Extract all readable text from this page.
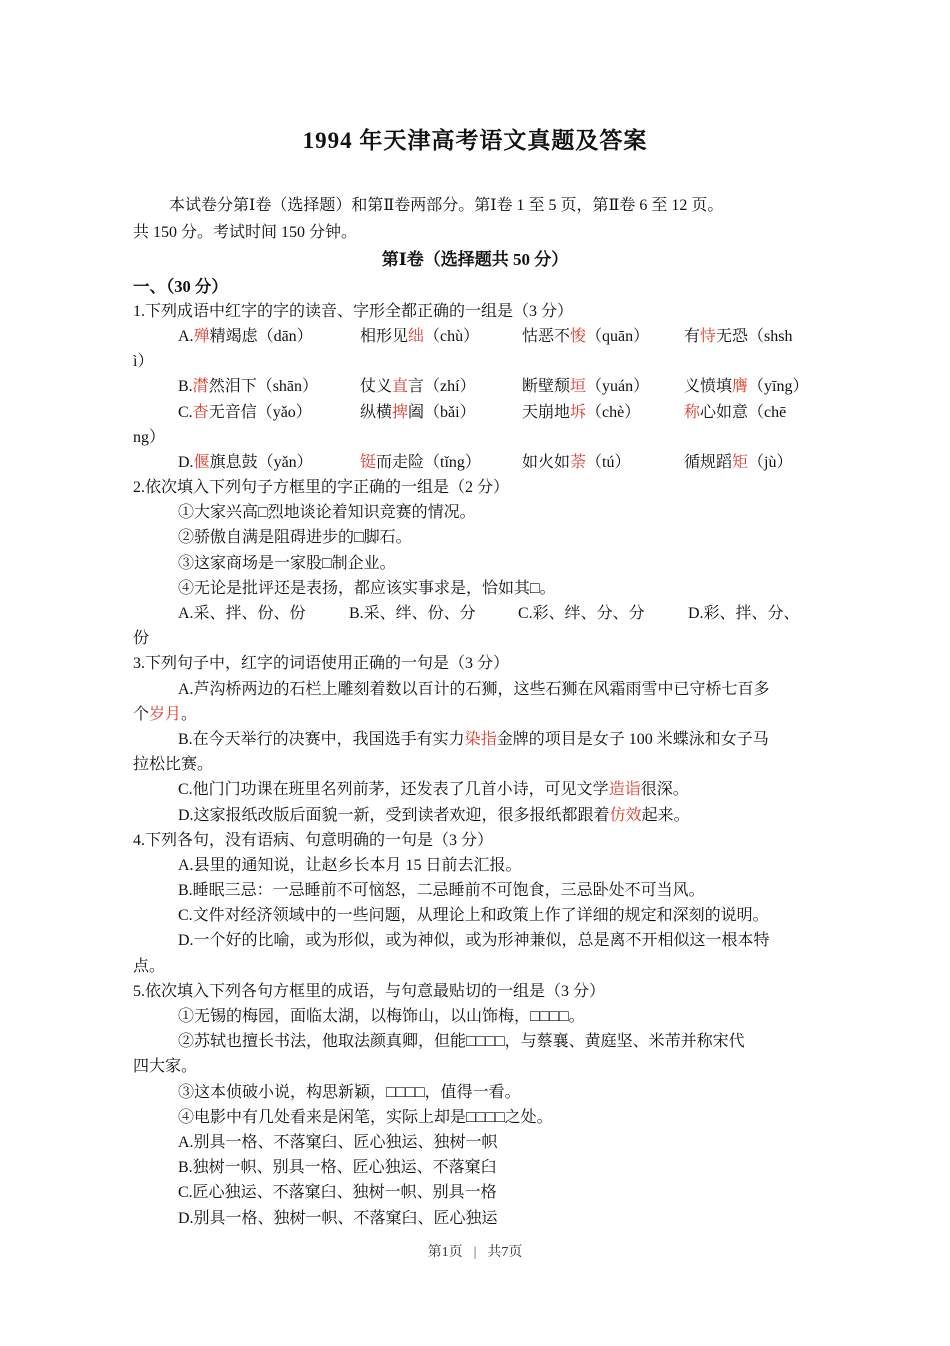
1994 年天津高考语文真题及答案
本试卷分第Ⅰ卷（选择题）和第Ⅱ卷两部分。第Ⅰ卷 1 至 5 页，第Ⅱ卷 6 至 12 页。
共 150 分。考试时间 150 分钟。
第Ⅰ卷（选择题共 50 分）
一、（30 分）
1.下列成语中红字的字的读音、字形全都正确的一组是（3 分）
A.殚精竭虑（dān）	相形见绌（chù）	怙恶不悛（quān） 有恃无恐（shsh
ì）
B.潸然泪下（shān）	仗义直言（zhí）	断壁颓垣（yuán） 义愤填膺（yīng）
C.杳无音信（yǎo）	纵横捭阖（bǎi）	天崩地坼（chè）	称心如意（chē
ng）
D.偃旗息鼓（yǎn）	铤而走险（tǐng）	如火如荼（tú）	循规蹈矩（jù）
2.依次填入下列句子方框里的字正确的一组是（2 分）
①大家兴高□烈地谈论着知识竞赛的情况。
②骄傲自满是阻碍进步的□脚石。
③这家商场是一家股□制企业。
④无论是批评还是表扬，都应该实事求是，恰如其□。
A.采、拌、份、份	B.采、绊、份、分	C.彩、绊、分、分	D.彩、拌、分、
份
3.下列句子中，红字的词语使用正确的一句是（3 分）
A.芦沟桥两边的石栏上雕刻着数以百计的石狮，这些石狮在风霜雨雪中已守桥七百多
个岁月。
B.在今天举行的决赛中，我国选手有实力染指金牌的项目是女子 100 米蝶泳和女子马
拉松比赛。
C.他门门功课在班里名列前茅，还发表了几首小诗，可见文学造诣很深。
D.这家报纸改版后面貌一新，受到读者欢迎，很多报纸都跟着仿效起来。
4.下列各句，没有语病、句意明确的一句是（3 分）
A.县里的通知说，让赵乡长本月 15 日前去汇报。
B.睡眠三忌：一忌睡前不可恼怒，二忌睡前不可饱食，三忌卧处不可当风。
C.文件对经济领域中的一些问题，从理论上和政策上作了详细的规定和深刻的说明。
D.一个好的比喻，或为形似，或为神似，或为形神兼似，总是离不开相似这一根本特
点。
5.依次填入下列各句方框里的成语，与句意最贴切的一组是（3 分）
①无锡的梅园，面临太湖，以梅饰山，以山饰梅，□□□□。
②苏轼也擅长书法，他取法颜真卿，但能□□□□，与蔡襄、黄庭坚、米芾并称宋代
四大家。
③这本侦破小说，构思新颖，□□□□，值得一看。
④电影中有几处看来是闲笔，实际上却是□□□□之处。
A.别具一格、不落窠臼、匠心独运、独树一帜
B.独树一帜、别具一格、匠心独运、不落窠臼
C.匠心独运、不落窠臼、独树一帜、别具一格
D.别具一格、独树一帜、不落窠臼、匠心独运
第1页 | 共7页
